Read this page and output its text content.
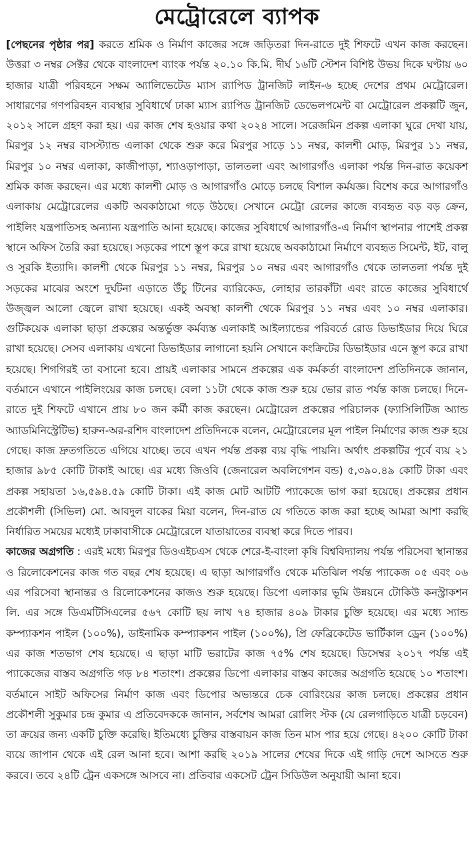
মেট্রোরেলে ব্যাপক

[পেছনের পৃষ্ঠার পর] করতে শ্রমিক ও নির্মাণ কাজের সঙ্গে জড়িতরা দিন-রাতে দুই শিফটে এখন কাজ করছেন। উত্তরা ৩ নম্বর সেক্টর থেকে বাংলাদেশ ব্যাংক পর্যন্ত ২০.১০ কি.মি. দীর্ঘ ১৬টি স্টেশন বিশিষ্ট উভয় দিকে ঘণ্টায় ৬০ হাজার যাত্রী পরিবহনে সক্ষম অ্যালিভেটেড ম্যাস র‍্যাপিড ট্রানজিট লাইন-৬ হচ্ছে দেশের প্রথম মেট্রোরেল। সাধারণের গণপরিবহন ব্যবস্থার সুবিধার্থে ঢাকা ম্যাস র‍্যাপিড ট্রানজিট ডেভেলপমেন্ট বা মেট্রোরেল প্রকল্পটি জুন, ২০১২ সালে গ্রহণ করা হয়। এর কাজ শেষ হওয়ার কথা ২০২৪ সালে। সরেজমিন প্রকল্প এলাকা ঘুরে দেখা যায়, মিরপুর ১২ নম্বর বাসস্ট্যান্ড এলাকা থেকে শুরু করে মিরপুর সাড়ে ১১ নম্বর, কালশী মোড়, মিরপুর ১১ নম্বর, মিরপুর ১০ নম্বর এলাকা, কাজীপাড়া, শ্যাওড়াপাড়া, তালতলা এবং আগারগাঁও এলাকা পর্যন্ত দিন-রাত কয়েকশ শ্রমিক কাজ করছেন। এর মধ্যে কালশী মোড় ও আগারগাঁও মোড়ে চলছে বিশাল কর্মযজ্ঞ। বিশেষ করে আগারগাঁও এলাকায় মেট্রোরেলের একটি অবকাঠামো গড়ে উঠছে। সেখানে মেট্রো রেলের কাজে ব্যবহৃত বড় বড় ক্রেন, পাইলিং যন্ত্রপাতিসহ অন্যান্য যন্ত্রপাতি আনা হয়েছে। কাজের সুবিধার্থে আগারগাঁও-এ নির্মাণ স্থাপনার পাশেই প্রকল্প স্থানে অফিস তৈরি করা হয়েছে। সড়কের পাশে স্তূপ করে রাখা হয়েছে অবকাঠামো নির্মাণে ব্যবহৃত সিমেন্ট, ইট, বালু ও সুরকি ইত্যাদি। কালশী থেকে মিরপুর ১১ নম্বর, মিরপুর ১০ নম্বর এবং আগারগাঁও থেকে তালতলা পর্যন্ত দুই সড়কের মাঝের অংশে দুর্ঘটনা এড়াতে উঁচু টিনের ব্যারিকেড, লোহার তারকাঁটা এবং রাতে কাজের সুবিধার্থে উজ্জ্বল আলো জ্বেলে রাখা হয়েছে। একই অবস্থা কালশী থেকে মিরপুর ১১ নম্বর এবং ১০ নম্বর এলাকার। গুটিকয়েক এলাকা ছাড়া প্রকল্পের অন্তর্ভুক্ত কর্মব্যস্ত এলাকাই আইল্যান্ডের পরিবর্তে রোড ডিভাইডার দিয়ে ঘিরে রাখা হয়েছে। সেসব এলাকায় এখনো ডিভাইডার লাগানো হয়নি সেখানে কংক্রিটের ডিভাইডার এনে স্তূপ করে রাখা হয়েছে। শিগগিরই তা বসানো হবে। প্রায়ই এলাকার সামনে প্রকল্পের এক কর্মকর্তা বাংলাদেশ প্রতিদিনকে জানান, বর্তমানে এখানে পাইলিংয়ের কাজ চলছে। বেলা ১১টা থেকে কাজ শুরু হয়ে ভোর রাত পর্যন্ত কাজ চলছে। দিনে-রাতে দুই শিফটে এখানে প্রায় ৮০ জন কর্মী কাজ করছেন। মেট্রোরেল প্রকল্পের পরিচালক (ফ্যাসিলিটিজ অ্যান্ড অ্যাডমিনিস্ট্রেটিভ) হারুন-অর-রশিদ বাংলাদেশ প্রতিদিনকে বলেন, মেট্রোরেলের মূল পাইল নির্মাণের কাজ শুরু হয়ে গেছে। কাজ দ্রুতগতিতে এগিয়ে যাচ্ছে। তবে এখন পর্যন্ত প্রকল্প ব্যয় বৃদ্ধি পায়নি। অর্থাৎ প্রকল্পটির পূর্বে ব্যয় ২১ হাজার ৯৮৫ কোটি টাকাই আছে। এর মধ্যে জিওবি (জেনারেল অবলিগেশন বন্ড) ৫,৩৯০.৪৯ কোটি টাকা এবং প্রকল্প সহায়তা ১৬,৫৯৪.৫৯ কোটি টাকা। এই কাজ মোট আটটি প্যাকেজে ভাগ করা হয়েছে। প্রকল্পের প্রধান প্রকৌশলী (সিভিল) মো. আবদুল বাকের মিয়া বলেন, দিন-রাত যে গতিতে কাজ করা হচ্ছে আমরা আশা করছি নির্ধারিত সময়ের মধ্যেই ঢাকাবাসীকে মেট্রোরেলে যাতায়াতের ব্যবস্থা করে দিতে পারব।

কাজের অগ্রগতি : এরই মধ্যে মিরপুর ডিওএইচএস থেকে শেরে-ই-বাংলা কৃষি বিশ্ববিদ্যালয় পর্যন্ত পরিসেবা স্থানান্তর ও রিলোকেশনের কাজ গত বছর শেষ হয়েছে। এ ছাড়া আগারগাঁও থেকে মতিঝিল পর্যন্ত প্যাকেজ ০৫ এবং ০৬ এর পরিসেবা স্থানান্তর ও রিলোকেশনের কাজও শুরু হয়েছে। ডিপো এলাকার ভূমি উন্নয়নে টোকিউ কনস্ট্রাকশন লি. এর সঙ্গে ডিএমটিসিএলের ৫৬৭ কোটি ছয় লাখ ৭৪ হাজার ৪০৯ টাকার চুক্তি হয়েছে। এর মধ্যে স্যান্ড কম্প্যাকশন পাইল (১০০%), ডাইনামিক কম্প্যাকশন পাইল (১০০%), প্রি ফেব্রিকেটেড ভার্টিকাল ড্রেন (১০০%) এর কাজ শতভাগ শেষ হয়েছে। এ ছাড়া মাটি ভরাটের কাজ ৭৫% শেষ হয়েছে। ডিসেম্বর ২০১৭ পর্যন্ত এই প্যাকেজের বাস্তব অগ্রগতি গড় ৮৪ শতাংশ। প্রকল্পের ডিপো এলাকার বাস্তব কাজের অগ্রগতি হয়েছে ১০ শতাংশ। বর্তমানে সাইট অফিসের নির্মাণ কাজ এবং ডিপোর অভ্যন্তরে চেক বোরিংয়ের কাজ চলছে। প্রকল্পের প্রধান প্রকৌশলী সুকুমার চন্দ্র কুমার এ প্রতিবেদককে জানান, সর্বশেষ আমরা রোলিং স্টক (যে রেলগাড়িতে যাত্রী চড়বেন) তা ক্রয়ের জন্য একটি চুক্তি করেছি। ইতিমধ্যে চুক্তির বাস্তবায়ন কাজ তিন মাস পার হয়ে গেছে। ৪২০০ কোটি টাকা ব্যয়ে জাপান থেকে এই রেল আনা হবে। আশা করছি ২০১৯ সালের শেষের দিকে এই গাড়ি দেশে আসতে শুরু করবে। তবে ২৪টি ট্রেন একসঙ্গে আসবে না। প্রতিবার একসেট ট্রেন সিডিউল অনুযায়ী আনা হবে।
